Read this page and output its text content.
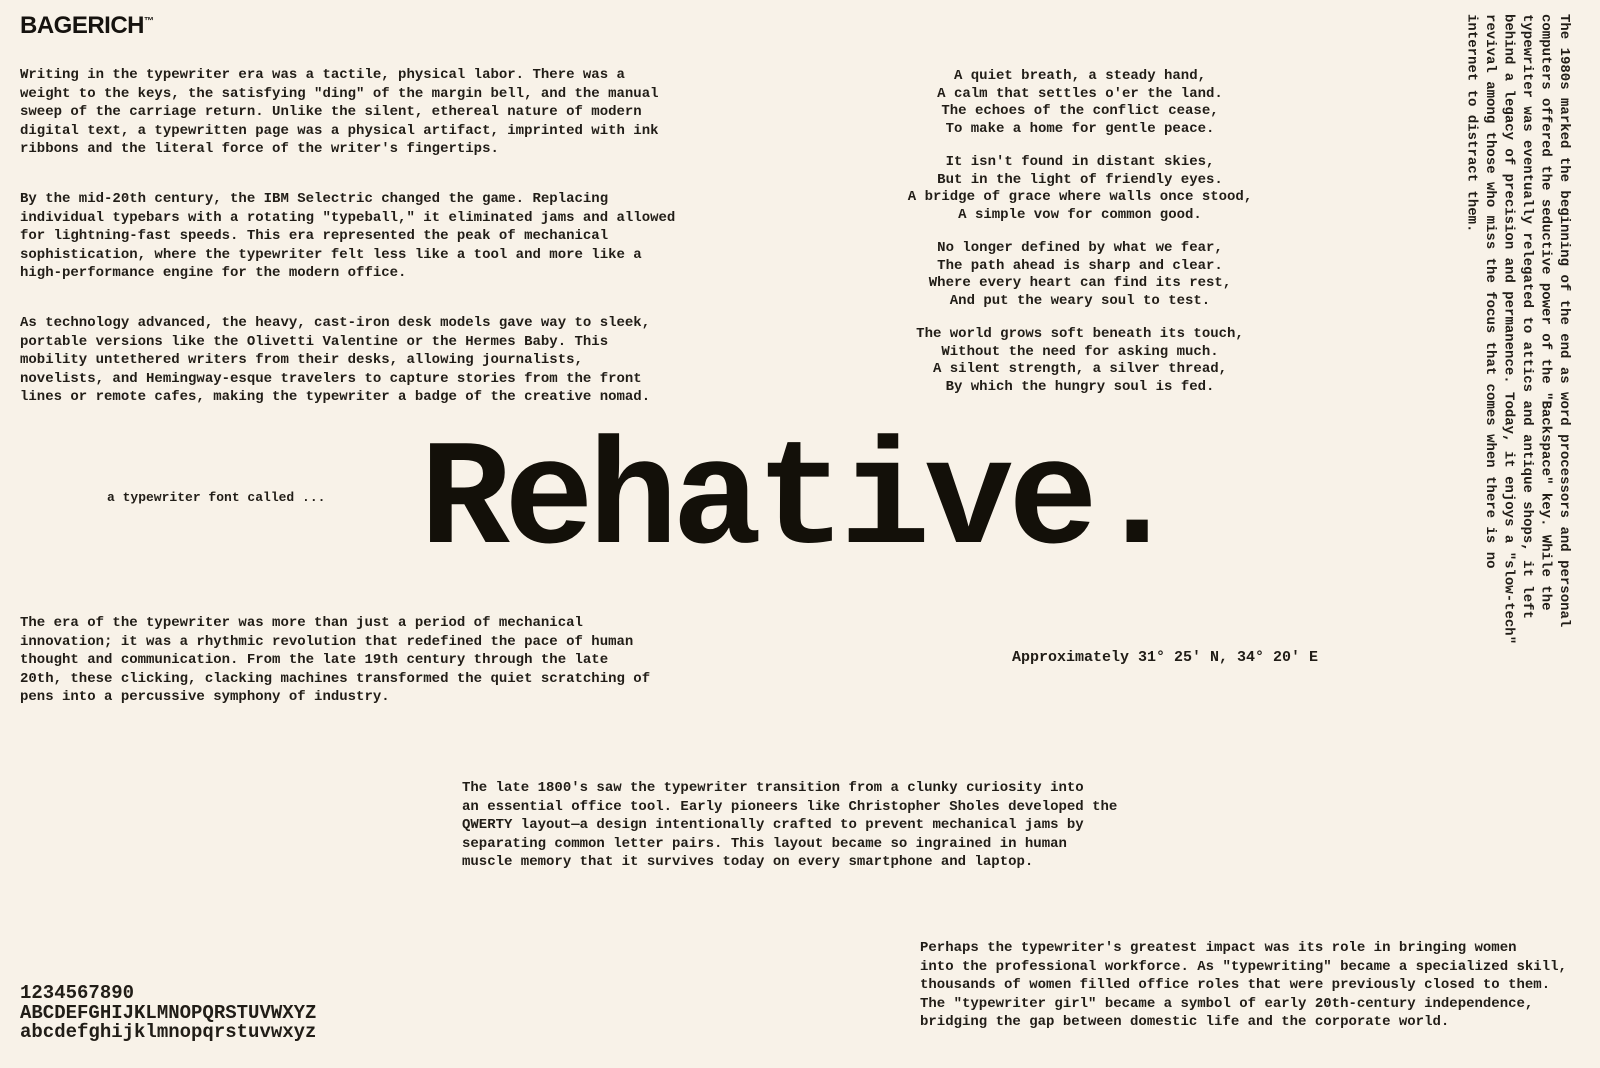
BAGERICH™
Writing in the typewriter era was a tactile, physical labor. There was a
weight to the keys, the satisfying "ding" of the margin bell, and the manual
sweep of the carriage return. Unlike the silent, ethereal nature of modern
digital text, a typewritten page was a physical artifact, imprinted with ink
ribbons and the literal force of the writer's fingertips.
By the mid-20th century, the IBM Selectric changed the game. Replacing
individual typebars with a rotating "typeball," it eliminated jams and allowed
for lightning-fast speeds. This era represented the peak of mechanical
sophistication, where the typewriter felt less like a tool and more like a
high-performance engine for the modern office.
As technology advanced, the heavy, cast-iron desk models gave way to sleek,
portable versions like the Olivetti Valentine or the Hermes Baby. This
mobility untethered writers from their desks, allowing journalists,
novelists, and Hemingway-esque travelers to capture stories from the front
lines or remote cafes, making the typewriter a badge of the creative nomad.
A quiet breath, a steady hand,
A calm that settles o'er the land.
The echoes of the conflict cease,
To make a home for gentle peace.
It isn't found in distant skies,
But in the light of friendly eyes.
A bridge of grace where walls once stood,
A simple vow for common good.
No longer defined by what we fear,
The path ahead is sharp and clear.
Where every heart can find its rest,
And put the weary soul to test.
The world grows soft beneath its touch,
Without the need for asking much.
A silent strength, a silver thread,
By which the hungry soul is fed.	The 1980s marked the beginning of the end as word processors and personal
computers offered the seductive power of the "Backspace" key. While the
typewriter was eventually relegated to attics and antique shops, it left
behind a legacy of precision and permanence. Today, it enjoys a "slow-tech"
revival among those who miss the focus that comes when there is no
internet to distract them.
a typewriter font called ... Rehative.
The era of the typewriter was more than just a period of mechanical
innovation; it was a rhythmic revolution that redefined the pace of human
thought and communication. From the late 19th century through the late
20th, these clicking, clacking machines transformed the quiet scratching of
pens into a percussive symphony of industry.
Approximately 31° 25' N, 34° 20' E
The late 1800's saw the typewriter transition from a clunky curiosity into
an essential office tool. Early pioneers like Christopher Sholes developed the
QWERTY layout—a design intentionally crafted to prevent mechanical jams by
separating common letter pairs. This layout became so ingrained in human
muscle memory that it survives today on every smartphone and laptop.
Perhaps the typewriter's greatest impact was its role in bringing women
into the professional workforce. As "typewriting" became a specialized skill,
thousands of women filled office roles that were previously closed to them.
The "typewriter girl" became a symbol of early 20th-century independence,
bridging the gap between domestic life and the corporate world.
1234567890
ABCDEFGHIJKLMNOPQRSTUVWXYZ
abcdefghijklmnopqrstuvwxyz
